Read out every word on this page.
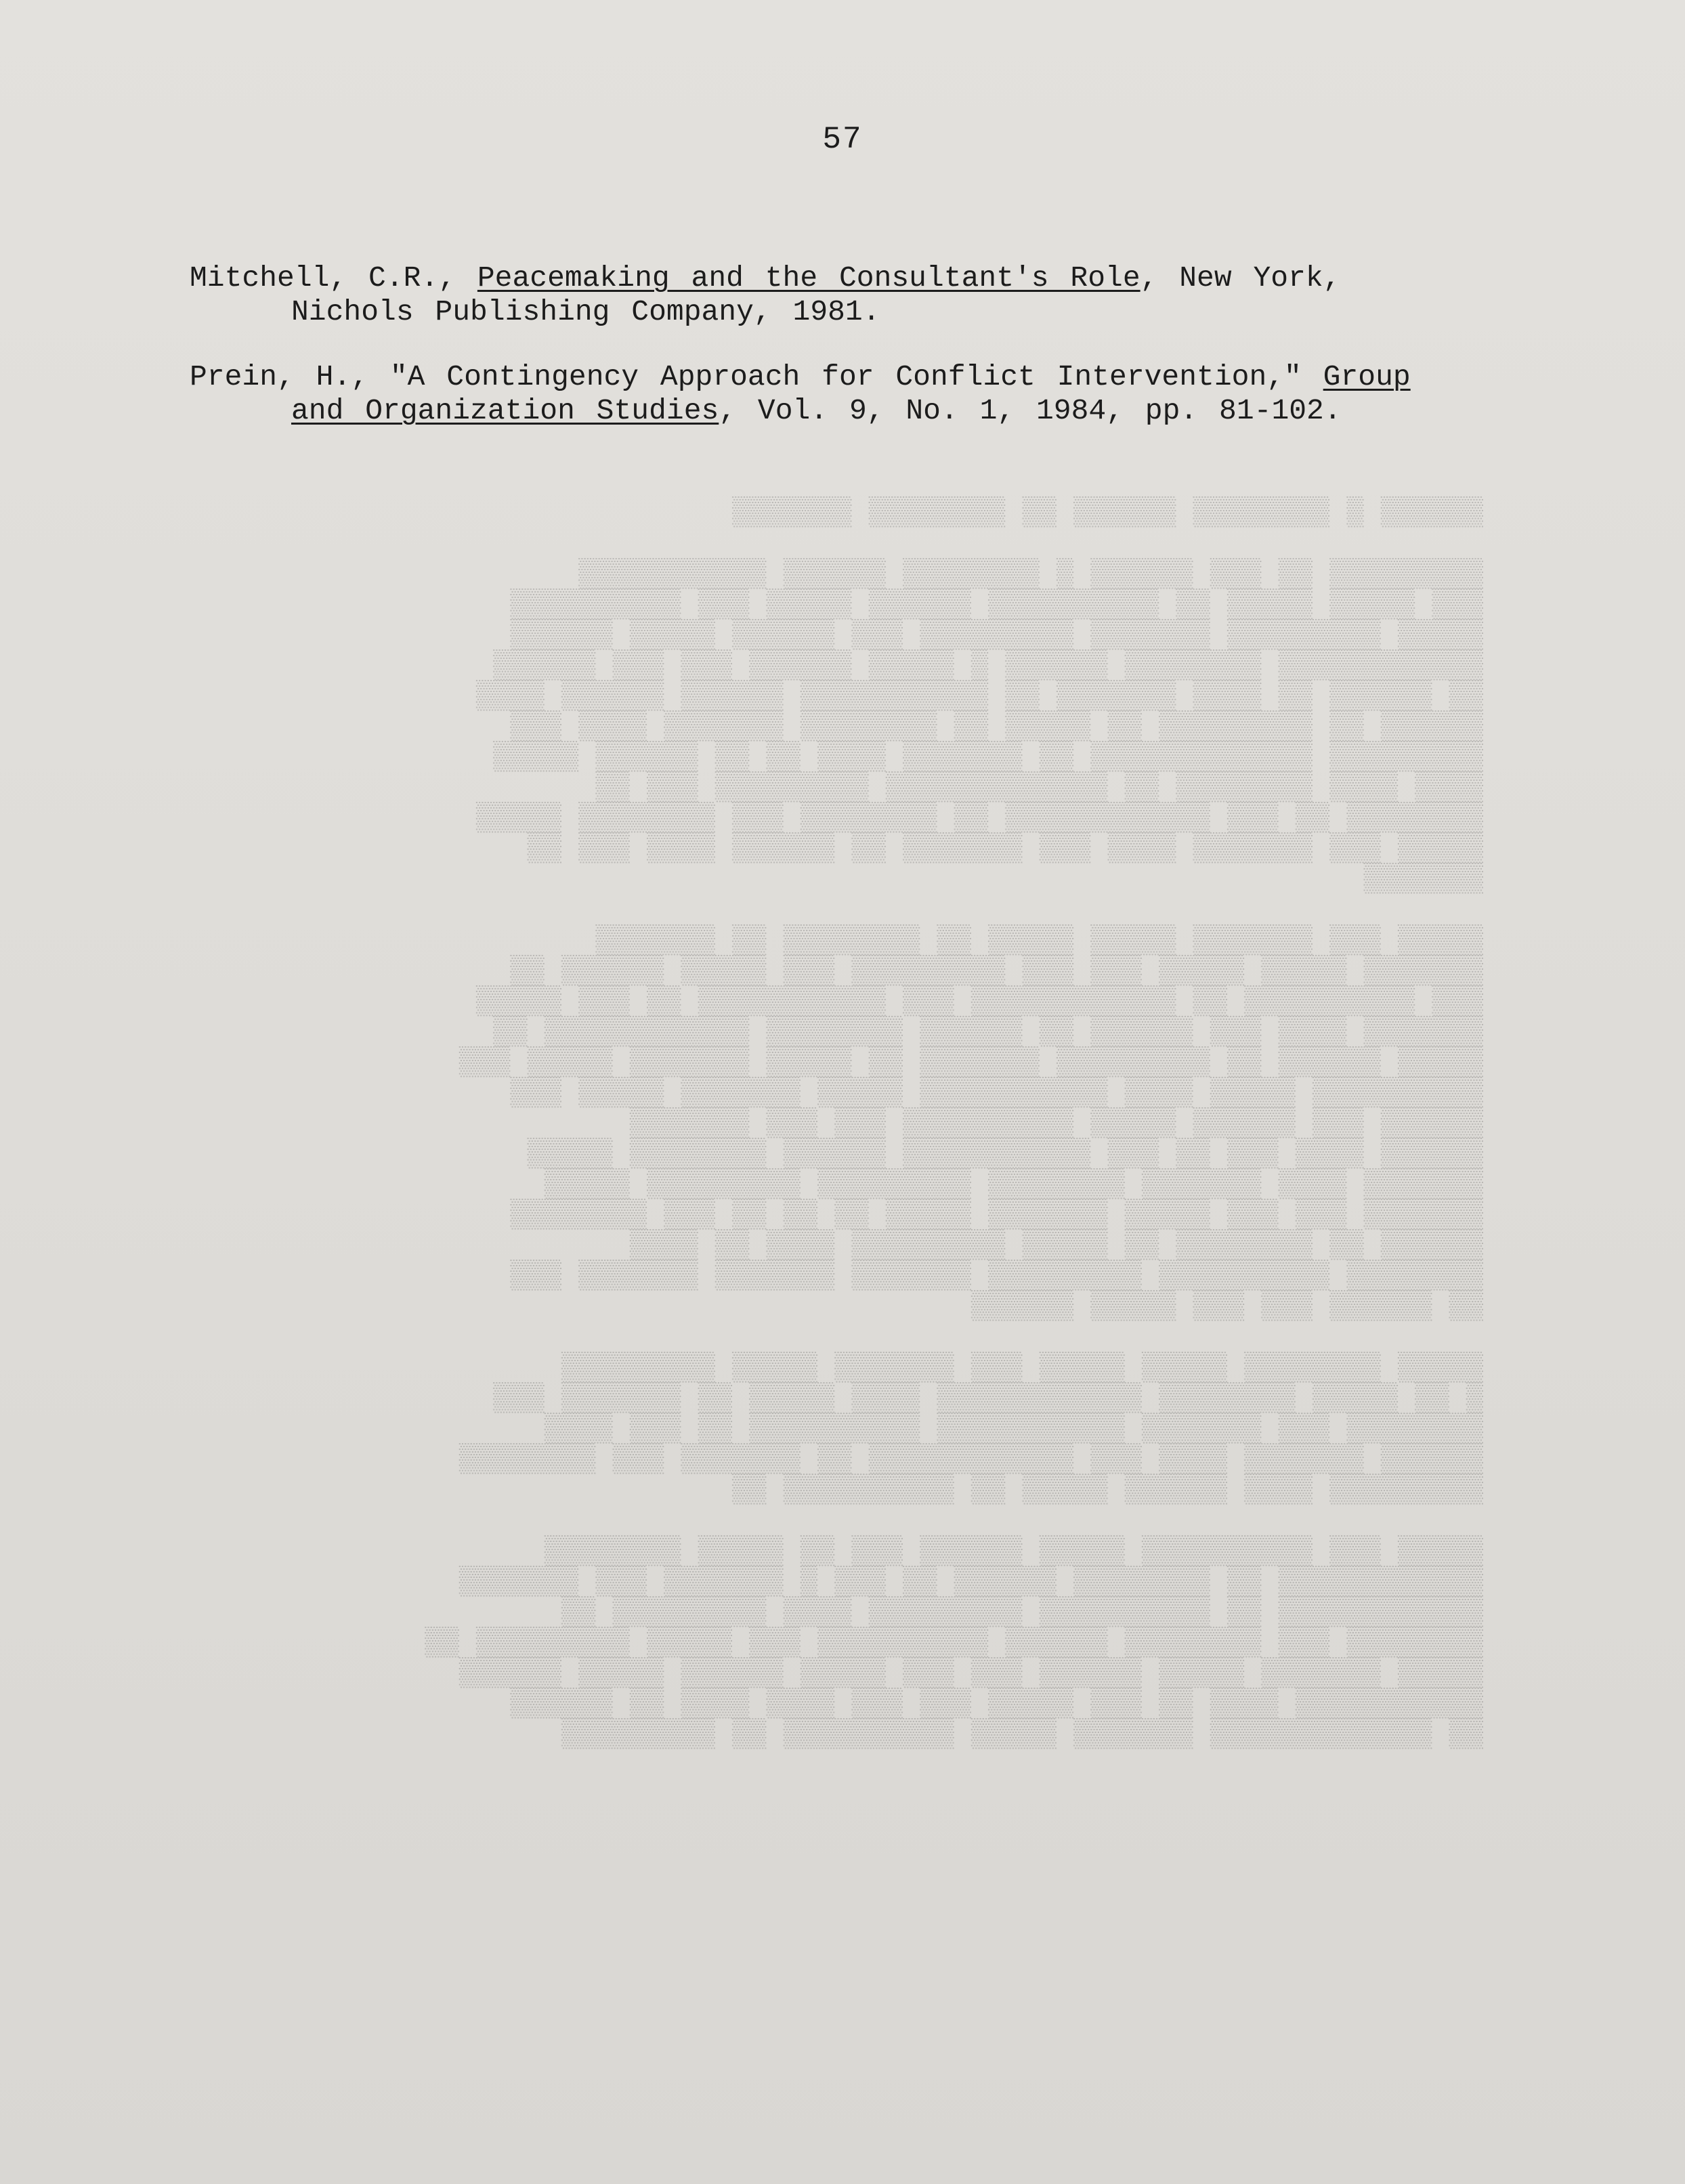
▒▒▒▒▒▒ ▒ ▒▒▒▒▒▒▒▒ ▒▒▒▒▒▒ ▒▒ ▒▒▒▒▒▒▒▒ ▒▒▒▒▒▒▒

▒▒▒▒▒▒▒▒▒ ▒▒ ▒▒▒ ▒▒▒▒▒▒ ▒ ▒▒▒▒▒▒▒▒ ▒▒▒▒▒▒ ▒▒▒▒▒▒▒▒▒▒▒
▒▒▒ ▒▒▒▒▒ ▒▒▒▒▒ ▒▒ ▒▒▒▒▒▒▒▒▒▒ ▒▒▒▒▒▒ ▒▒▒▒▒ ▒▒▒ ▒▒▒▒▒▒▒▒▒▒
▒▒▒▒▒ ▒▒▒▒▒▒▒▒▒ ▒▒▒▒▒▒▒ ▒▒▒▒▒▒▒▒▒ ▒▒▒ ▒▒▒▒▒▒ ▒▒▒▒▒ ▒▒▒▒▒▒
▒▒▒▒▒▒▒▒▒▒▒▒ ▒▒▒▒▒▒▒▒ ▒▒▒▒▒▒ ▒ ▒▒▒▒▒ ▒▒▒▒▒▒ ▒▒▒ ▒▒▒ ▒▒▒▒▒▒
▒▒ ▒▒▒▒▒▒ ▒▒ ▒▒▒▒ ▒▒▒▒▒▒▒ ▒▒ ▒▒▒▒▒▒▒▒▒▒▒ ▒▒▒▒▒▒ ▒▒▒▒▒▒ ▒▒▒▒
▒▒▒▒▒▒ ▒▒ ▒▒▒▒▒▒▒▒▒ ▒▒ ▒▒▒▒▒ ▒▒ ▒▒▒▒▒▒▒▒ ▒▒▒▒▒▒▒ ▒▒▒▒ ▒▒▒
▒▒▒▒▒▒▒▒▒ ▒▒▒▒▒▒▒▒▒▒▒▒▒ ▒▒ ▒▒▒▒▒▒▒ ▒▒▒▒ ▒▒ ▒▒ ▒▒▒▒▒▒ ▒▒▒▒▒
▒▒▒▒ ▒▒▒▒ ▒▒▒▒▒▒▒▒ ▒▒ ▒▒▒▒▒▒▒▒▒▒▒▒▒ ▒▒▒▒▒▒▒▒▒ ▒▒▒ ▒▒
▒▒▒▒▒▒▒▒ ▒▒ ▒▒▒ ▒▒▒▒▒▒▒▒▒▒▒▒ ▒▒ ▒▒▒▒▒▒▒▒ ▒▒▒ ▒▒▒▒▒▒▒▒ ▒▒▒▒▒
▒▒▒▒▒ ▒▒▒ ▒▒▒▒▒▒▒ ▒▒▒▒ ▒▒▒ ▒▒▒▒▒▒▒ ▒▒ ▒▒▒▒▒▒ ▒▒▒▒ ▒▒▒ ▒▒
▒▒▒▒▒▒▒

▒▒▒▒▒ ▒▒▒ ▒▒▒▒▒▒▒ ▒▒▒▒▒ ▒▒▒▒▒ ▒▒ ▒▒▒▒▒▒▒▒ ▒▒ ▒▒▒▒▒▒▒
▒▒▒▒▒▒▒ ▒▒▒▒▒ ▒▒▒▒▒ ▒▒▒ ▒▒▒ ▒▒▒▒▒▒▒▒▒ ▒▒▒ ▒▒▒▒▒ ▒▒▒▒▒▒ ▒▒
▒▒▒ ▒▒▒▒▒▒▒▒▒▒ ▒▒ ▒▒▒▒▒▒▒▒▒▒▒▒ ▒▒▒ ▒▒▒▒▒▒▒▒▒▒▒ ▒▒ ▒▒▒ ▒▒▒▒▒
▒▒▒▒▒▒▒ ▒▒▒▒ ▒▒▒ ▒▒▒▒▒▒ ▒▒ ▒▒▒▒▒▒ ▒▒▒▒▒▒▒▒ ▒▒▒▒▒▒▒▒▒▒▒▒ ▒▒
▒▒▒▒▒ ▒▒▒▒▒▒ ▒▒ ▒▒▒▒▒▒▒▒▒ ▒▒▒▒▒▒▒ ▒▒ ▒▒▒▒▒ ▒▒▒▒▒▒▒ ▒▒▒▒▒ ▒▒▒
▒▒▒▒▒▒▒▒▒▒ ▒▒▒▒▒ ▒▒▒▒ ▒▒▒▒▒▒▒▒▒▒▒ ▒▒▒▒▒ ▒▒▒▒▒▒▒ ▒▒▒▒▒ ▒▒▒
▒▒▒▒▒▒ ▒▒▒ ▒▒▒▒▒▒ ▒▒▒▒▒ ▒▒▒▒▒▒▒▒▒▒ ▒▒▒ ▒▒▒ ▒▒▒▒▒▒▒
▒▒▒▒▒▒ ▒▒▒▒ ▒▒▒ ▒▒ ▒▒▒ ▒▒▒▒▒▒▒▒▒▒▒ ▒▒▒▒▒▒ ▒▒▒▒▒▒▒▒ ▒▒▒▒▒
▒▒▒▒▒▒▒ ▒▒▒▒ ▒▒▒▒▒▒▒ ▒▒▒▒▒▒▒▒ ▒▒▒▒▒▒▒▒▒ ▒▒▒▒▒▒▒▒▒ ▒▒▒▒▒
▒▒▒▒▒▒▒ ▒▒▒ ▒▒▒ ▒▒▒▒▒ ▒▒▒▒▒▒▒ ▒▒▒▒▒ ▒▒ ▒▒ ▒▒ ▒▒▒ ▒▒▒▒▒▒▒▒
▒▒▒▒▒▒ ▒▒ ▒▒▒▒▒▒▒▒ ▒▒ ▒▒▒▒▒ ▒▒▒▒▒▒▒▒▒ ▒▒▒▒ ▒▒ ▒▒▒▒
▒▒▒▒▒▒▒▒ ▒▒▒▒▒▒▒▒▒▒ ▒▒▒▒▒▒▒▒▒ ▒▒▒▒▒▒▒ ▒▒▒▒▒▒▒ ▒▒▒▒▒▒▒ ▒▒▒
▒▒ ▒▒▒▒▒▒ ▒▒▒ ▒▒▒ ▒▒▒▒▒ ▒▒▒▒▒▒

▒▒▒▒▒ ▒▒▒▒▒▒▒▒ ▒▒▒▒▒ ▒▒▒▒▒ ▒▒▒ ▒▒▒▒▒▒▒ ▒▒▒▒▒ ▒▒▒▒▒▒▒▒▒
▒ ▒▒ ▒▒▒▒▒ ▒▒▒▒▒▒▒▒ ▒▒▒▒▒▒▒▒▒▒▒▒ ▒▒▒▒ ▒▒▒▒▒ ▒▒ ▒▒▒▒▒▒▒ ▒▒▒
▒▒▒▒▒▒▒▒ ▒▒▒ ▒▒▒▒▒▒▒ ▒▒▒▒▒▒▒▒▒▒▒ ▒▒▒▒▒▒▒▒▒▒ ▒▒ ▒▒▒ ▒▒▒▒
▒▒▒▒▒▒ ▒▒▒▒▒▒▒ ▒▒▒▒ ▒▒▒ ▒▒▒▒▒▒▒▒▒▒▒▒ ▒▒ ▒▒▒▒▒▒▒ ▒▒▒ ▒▒▒▒▒▒▒▒
▒▒▒▒▒▒▒▒▒ ▒▒▒▒ ▒▒▒▒▒▒ ▒▒▒▒▒ ▒▒ ▒▒▒▒▒▒▒▒▒▒ ▒▒

▒▒▒▒▒ ▒▒▒ ▒▒▒▒▒▒▒▒▒▒ ▒▒▒▒▒ ▒▒▒▒▒▒ ▒▒▒ ▒▒ ▒▒▒▒▒ ▒▒▒▒▒▒▒▒
▒▒▒▒▒▒▒▒▒▒▒▒ ▒▒ ▒▒▒▒▒▒▒▒ ▒▒▒▒▒▒ ▒▒ ▒▒▒ ▒ ▒▒▒▒▒▒▒ ▒▒▒ ▒▒▒▒▒▒▒
▒▒▒▒▒▒▒▒▒▒▒▒ ▒▒ ▒▒▒▒▒▒▒▒▒▒ ▒▒▒▒▒▒▒▒▒ ▒▒▒▒ ▒▒▒▒▒▒▒▒▒ ▒▒
▒▒▒▒▒▒▒▒ ▒▒▒ ▒▒▒▒▒▒▒▒ ▒▒▒▒▒▒ ▒▒▒▒▒▒▒▒▒▒ ▒▒▒ ▒▒▒▒▒ ▒▒▒▒▒▒▒▒▒ ▒▒
▒▒▒▒▒ ▒▒▒▒▒▒▒ ▒▒▒▒▒ ▒▒▒▒▒▒ ▒▒▒ ▒▒▒ ▒▒▒▒▒ ▒▒▒▒▒▒ ▒▒▒▒▒ ▒▒▒▒▒▒
▒▒▒▒▒▒▒▒▒▒▒ ▒▒▒▒ ▒▒ ▒▒▒ ▒▒▒▒▒ ▒▒▒ ▒▒▒ ▒▒▒▒ ▒▒▒▒ ▒▒ ▒▒▒▒▒▒
▒▒ ▒▒▒▒▒▒▒▒▒▒▒▒▒ ▒▒▒▒▒▒▒ ▒▒▒▒▒ ▒▒▒▒▒▒▒▒▒▒ ▒▒ ▒▒▒▒▒▒▒▒▒

57

Mitchell, C.R., Peacemaking and the Consultant's Role, New York, Nichols Publishing Company, 1981.

Prein, H., "A Contingency Approach for Conflict Intervention," Group and Organization Studies, Vol. 9, No. 1, 1984, pp. 81-102.
